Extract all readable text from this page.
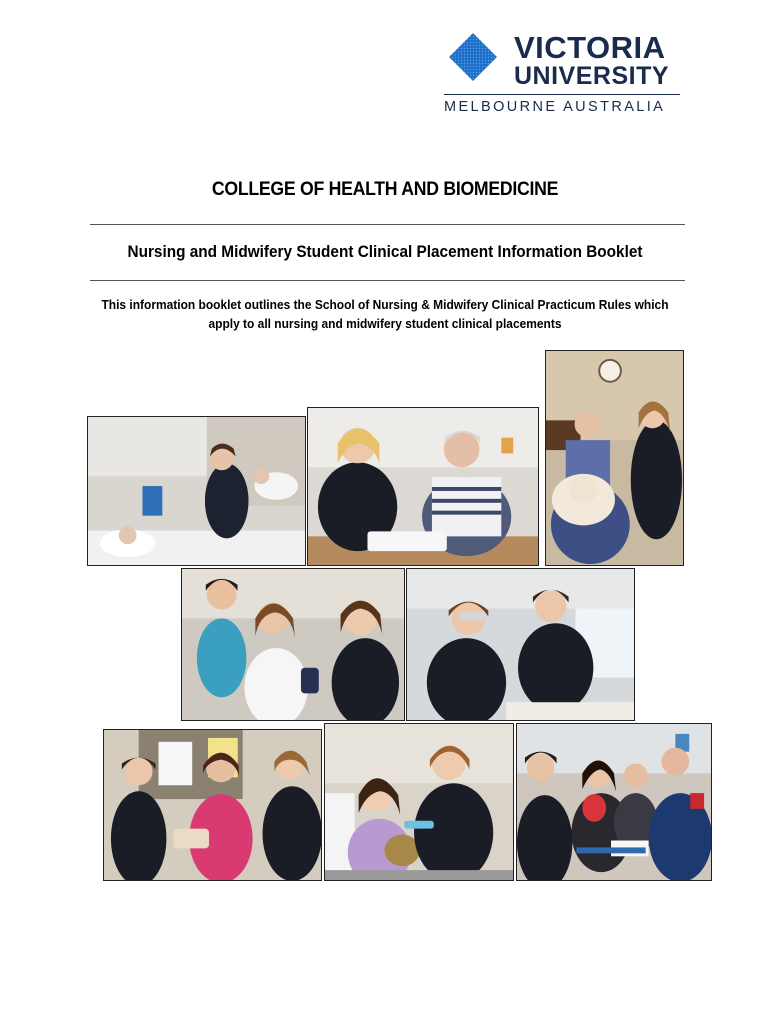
VICTORIA
UNIVERSITY
MELBOURNE AUSTRALIA
COLLEGE OF HEALTH AND BIOMEDICINE
Nursing and Midwifery Student Clinical Placement Information Booklet
This information booklet outlines the School of Nursing & Midwifery Clinical Practicum Rules which apply to all nursing and midwifery student clinical placements
